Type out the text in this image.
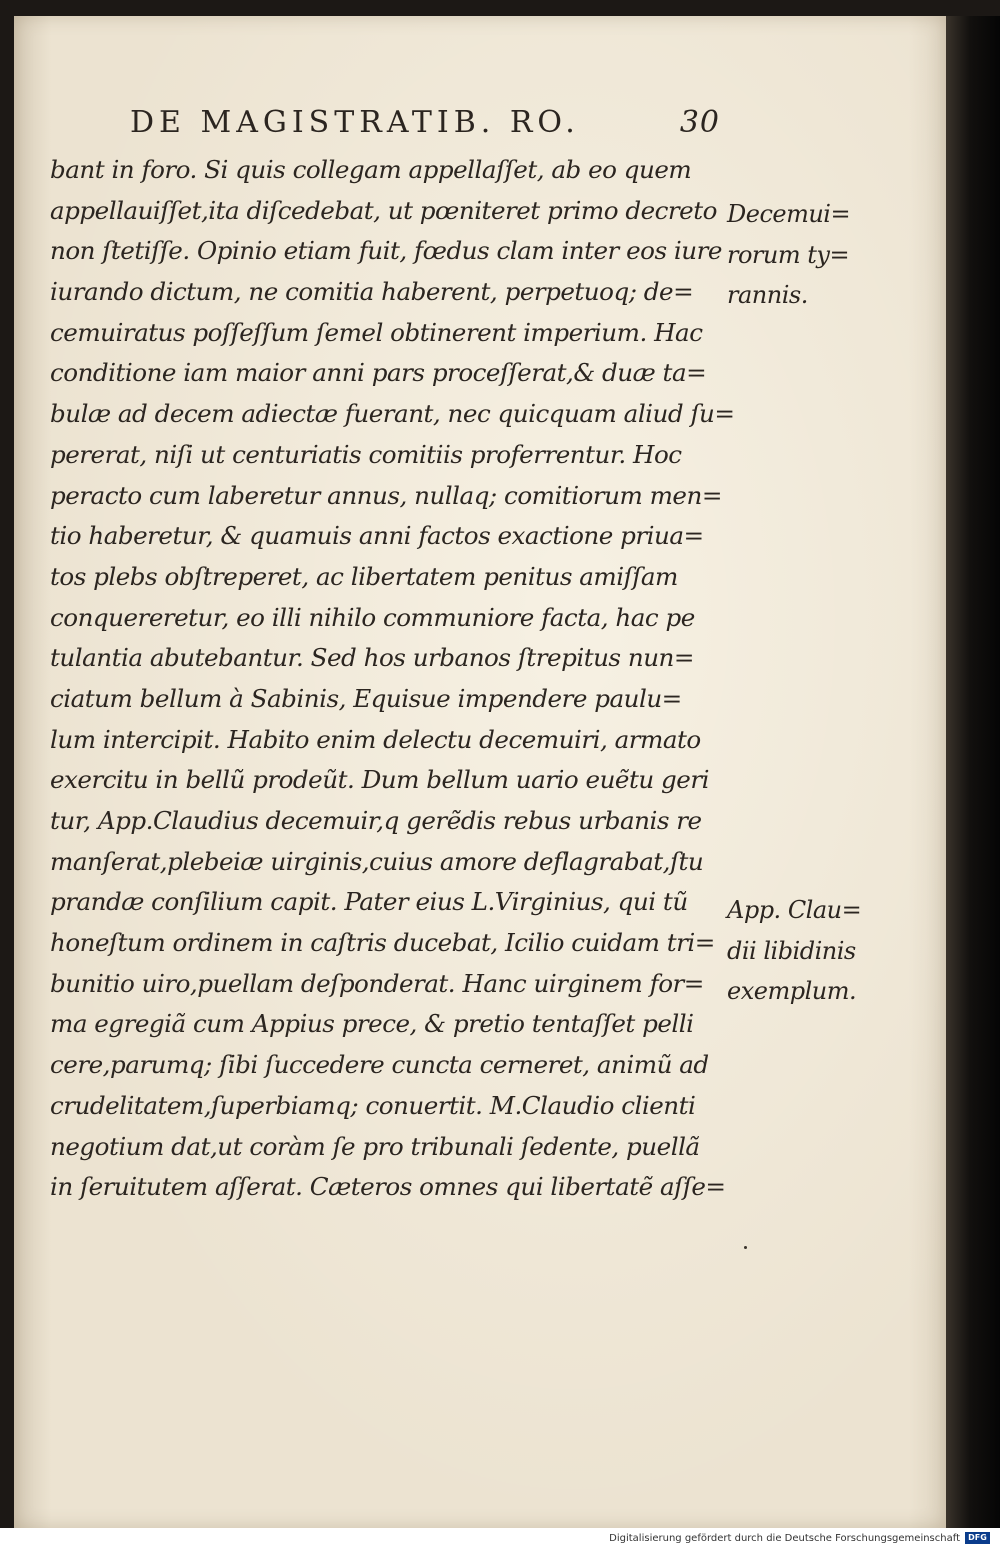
DE MAGISTRATIB. RO.	30
bant in foro. Si quis collegam appellaſſet, ab eo quem
appellauiſſet,ita diſcedebat, ut pœniteret primo decreto
non ſtetiſſe. Opinio etiam fuit, fœdus clam inter eos iure
iurando dictum, ne comitia haberent, perpetuoq; de=
cemuiratus poſſeſſum ſemel obtinerent imperium. Hac
conditione iam maior anni pars proceſſerat,& duæ ta=
bulæ ad decem adiectæ fuerant, nec quicquam aliud ſu=
pererat, niſi ut centuriatis comitiis proferrentur. Hoc
peracto cum laberetur annus, nullaq; comitiorum men=
tio haberetur, & quamuis anni factos exactione priua=
tos plebs obſtreperet, ac libertatem penitus amiſſam
conquereretur, eo illi nihilo communiore facta, hac pe
tulantia abutebantur. Sed hos urbanos ſtrepitus nun=
ciatum bellum à Sabinis, Equisue impendere paulu=
lum intercipit. Habito enim delectu decemuiri, armato
exercitu in bellũ prodeũt. Dum bellum uario euẽtu geri
tur, App.Claudius decemuir,q gerẽdis rebus urbanis re
manſerat,plebeiæ uirginis,cuius amore deflagrabat,ſtu
prandæ conſilium capit. Pater eius L.Virginius, qui tũ
honeſtum ordinem in caſtris ducebat, Icilio cuidam tri=
bunitio uiro,puellam deſponderat. Hanc uirginem for=
ma egregiã cum Appius prece, & pretio tentaſſet pelli
cere,parumq; ſibi ſuccedere cuncta cerneret, animũ ad
crudelitatem,ſuperbiamq; conuertit. M.Claudio clienti
negotium dat,ut coràm ſe pro tribunali ſedente, puellã
in ſeruitutem aſſerat. Cæteros omnes qui libertatẽ aſſe=
Decemui=
rorum ty=
rannis.
App. Clau=
dii libidinis
exemplum.
Digitalisierung gefördert durch die Deutsche Forschungsgemeinschaft	DFG
